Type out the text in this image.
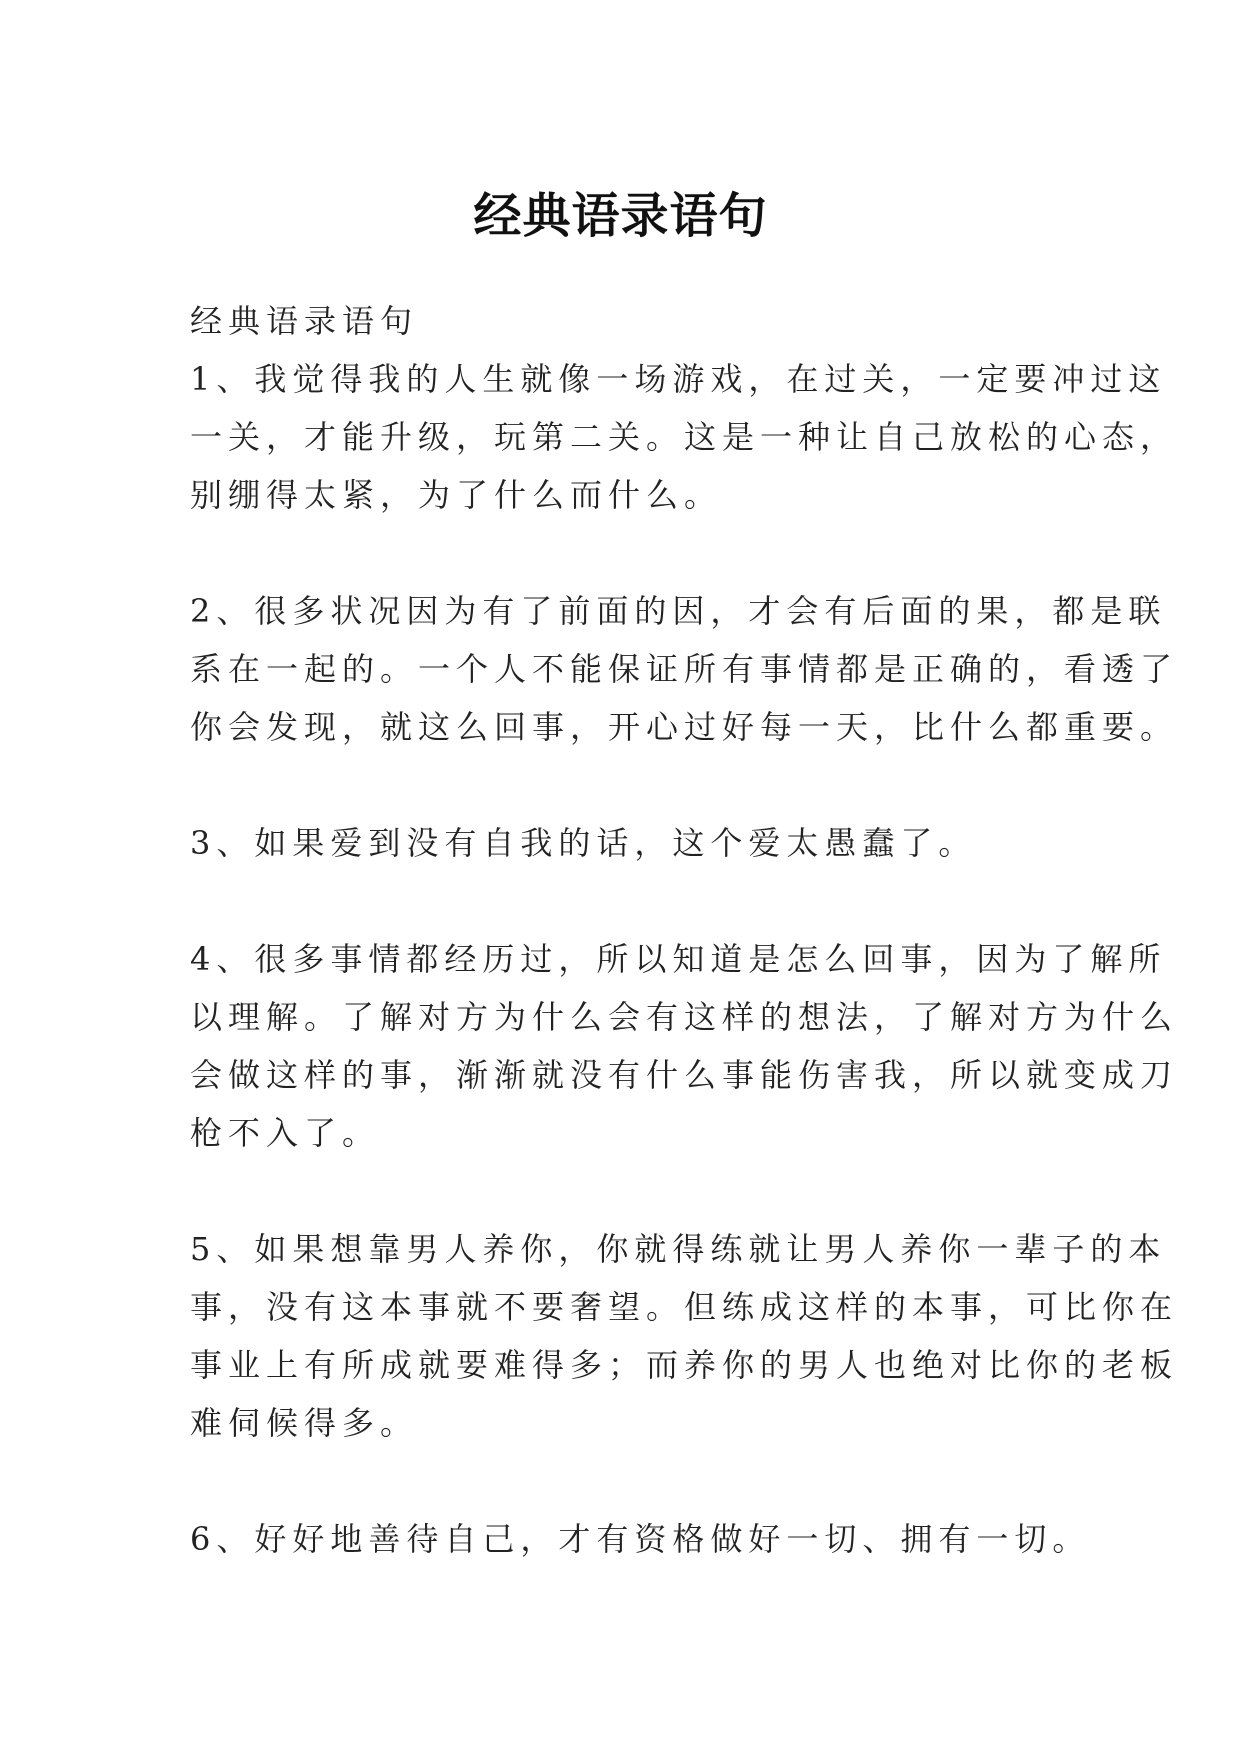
经典语录语句

经典语录语句

1、我觉得我的人生就像一场游戏，在过关，一定要冲过这
一关，才能升级，玩第二关。这是一种让自己放松的心态，
别绷得太紧，为了什么而什么。

2、很多状况因为有了前面的因，才会有后面的果，都是联
系在一起的。一个人不能保证所有事情都是正确的，看透了
你会发现，就这么回事，开心过好每一天，比什么都重要。

3、如果爱到没有自我的话，这个爱太愚蠢了。

4、很多事情都经历过，所以知道是怎么回事，因为了解所
以理解。了解对方为什么会有这样的想法，了解对方为什么
会做这样的事，渐渐就没有什么事能伤害我，所以就变成刀
枪不入了。

5、如果想靠男人养你，你就得练就让男人养你一辈子的本
事，没有这本事就不要奢望。但练成这样的本事，可比你在
事业上有所成就要难得多；而养你的男人也绝对比你的老板
难伺候得多。

6、好好地善待自己，才有资格做好一切、拥有一切。
